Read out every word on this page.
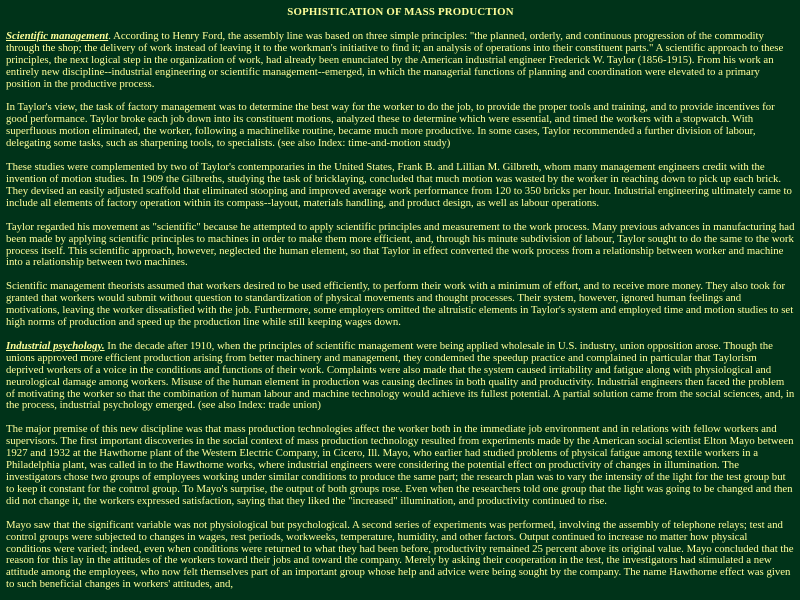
SOPHISTICATION OF MASS PRODUCTION

Scientific management. According to Henry Ford, the assembly line was based on three simple principles: "the planned, orderly, and continuous progression of the commodity through the shop; the delivery of work instead of leaving it to the workman's initiative to find it; an analysis of operations into their constituent parts." A scientific approach to these principles, the next logical step in the organization of work, had already been enunciated by the American industrial engineer Frederick W. Taylor (1856-1915). From his work an entirely new discipline--industrial engineering or scientific management--emerged, in which the managerial functions of planning and coordination were elevated to a primary position in the productive process.

In Taylor's view, the task of factory management was to determine the best way for the worker to do the job, to provide the proper tools and training, and to provide incentives for good performance. Taylor broke each job down into its constituent motions, analyzed these to determine which were essential, and timed the workers with a stopwatch. With superfluous motion eliminated, the worker, following a machinelike routine, became much more productive. In some cases, Taylor recommended a further division of labour, delegating some tasks, such as sharpening tools, to specialists. (see also Index: time-and-motion study)

These studies were complemented by two of Taylor's contemporaries in the United States, Frank B. and Lillian M. Gilbreth, whom many management engineers credit with the invention of motion studies. In 1909 the Gilbreths, studying the task of bricklaying, concluded that much motion was wasted by the worker in reaching down to pick up each brick. They devised an easily adjusted scaffold that eliminated stooping and improved average work performance from 120 to 350 bricks per hour. Industrial engineering ultimately came to include all elements of factory operation within its compass--layout, materials handling, and product design, as well as labour operations.

Taylor regarded his movement as "scientific" because he attempted to apply scientific principles and measurement to the work process. Many previous advances in manufacturing had been made by applying scientific principles to machines in order to make them more efficient, and, through his minute subdivision of labour, Taylor sought to do the same to the work process itself. This scientific approach, however, neglected the human element, so that Taylor in effect converted the work process from a relationship between worker and machine into a relationship between two machines.

Scientific management theorists assumed that workers desired to be used efficiently, to perform their work with a minimum of effort, and to receive more money. They also took for granted that workers would submit without question to standardization of physical movements and thought processes. Their system, however, ignored human feelings and motivations, leaving the worker dissatisfied with the job. Furthermore, some employers omitted the altruistic elements in Taylor's system and employed time and motion studies to set high norms of production and speed up the production line while still keeping wages down.

Industrial psychology. In the decade after 1910, when the principles of scientific management were being applied wholesale in U.S. industry, union opposition arose. Though the unions approved more efficient production arising from better machinery and management, they condemned the speedup practice and complained in particular that Taylorism deprived workers of a voice in the conditions and functions of their work. Complaints were also made that the system caused irritability and fatigue along with physiological and neurological damage among workers. Misuse of the human element in production was causing declines in both quality and productivity. Industrial engineers then faced the problem of motivating the worker so that the combination of human labour and machine technology would achieve its fullest potential. A partial solution came from the social sciences, and, in the process, industrial psychology emerged. (see also Index: trade union)

The major premise of this new discipline was that mass production technologies affect the worker both in the immediate job environment and in relations with fellow workers and supervisors. The first important discoveries in the social context of mass production technology resulted from experiments made by the American social scientist Elton Mayo between 1927 and 1932 at the Hawthorne plant of the Western Electric Company, in Cicero, Ill. Mayo, who earlier had studied problems of physical fatigue among textile workers in a Philadelphia plant, was called in to the Hawthorne works, where industrial engineers were considering the potential effect on productivity of changes in illumination. The investigators chose two groups of employees working under similar conditions to produce the same part; the research plan was to vary the intensity of the light for the test group but to keep it constant for the control group. To Mayo's surprise, the output of both groups rose. Even when the researchers told one group that the light was going to be changed and then did not change it, the workers expressed satisfaction, saying that they liked the "increased" illumination, and productivity continued to rise.

Mayo saw that the significant variable was not physiological but psychological. A second series of experiments was performed, involving the assembly of telephone relays; test and control groups were subjected to changes in wages, rest periods, workweeks, temperature, humidity, and other factors. Output continued to increase no matter how physical conditions were varied; indeed, even when conditions were returned to what they had been before, productivity remained 25 percent above its original value. Mayo concluded that the reason for this lay in the attitudes of the workers toward their jobs and toward the company. Merely by asking their cooperation in the test, the investigators had stimulated a new attitude among the employees, who now felt themselves part of an important group whose help and advice were being sought by the company. The name Hawthorne effect was given to such beneficial changes in workers' attitudes, and,
